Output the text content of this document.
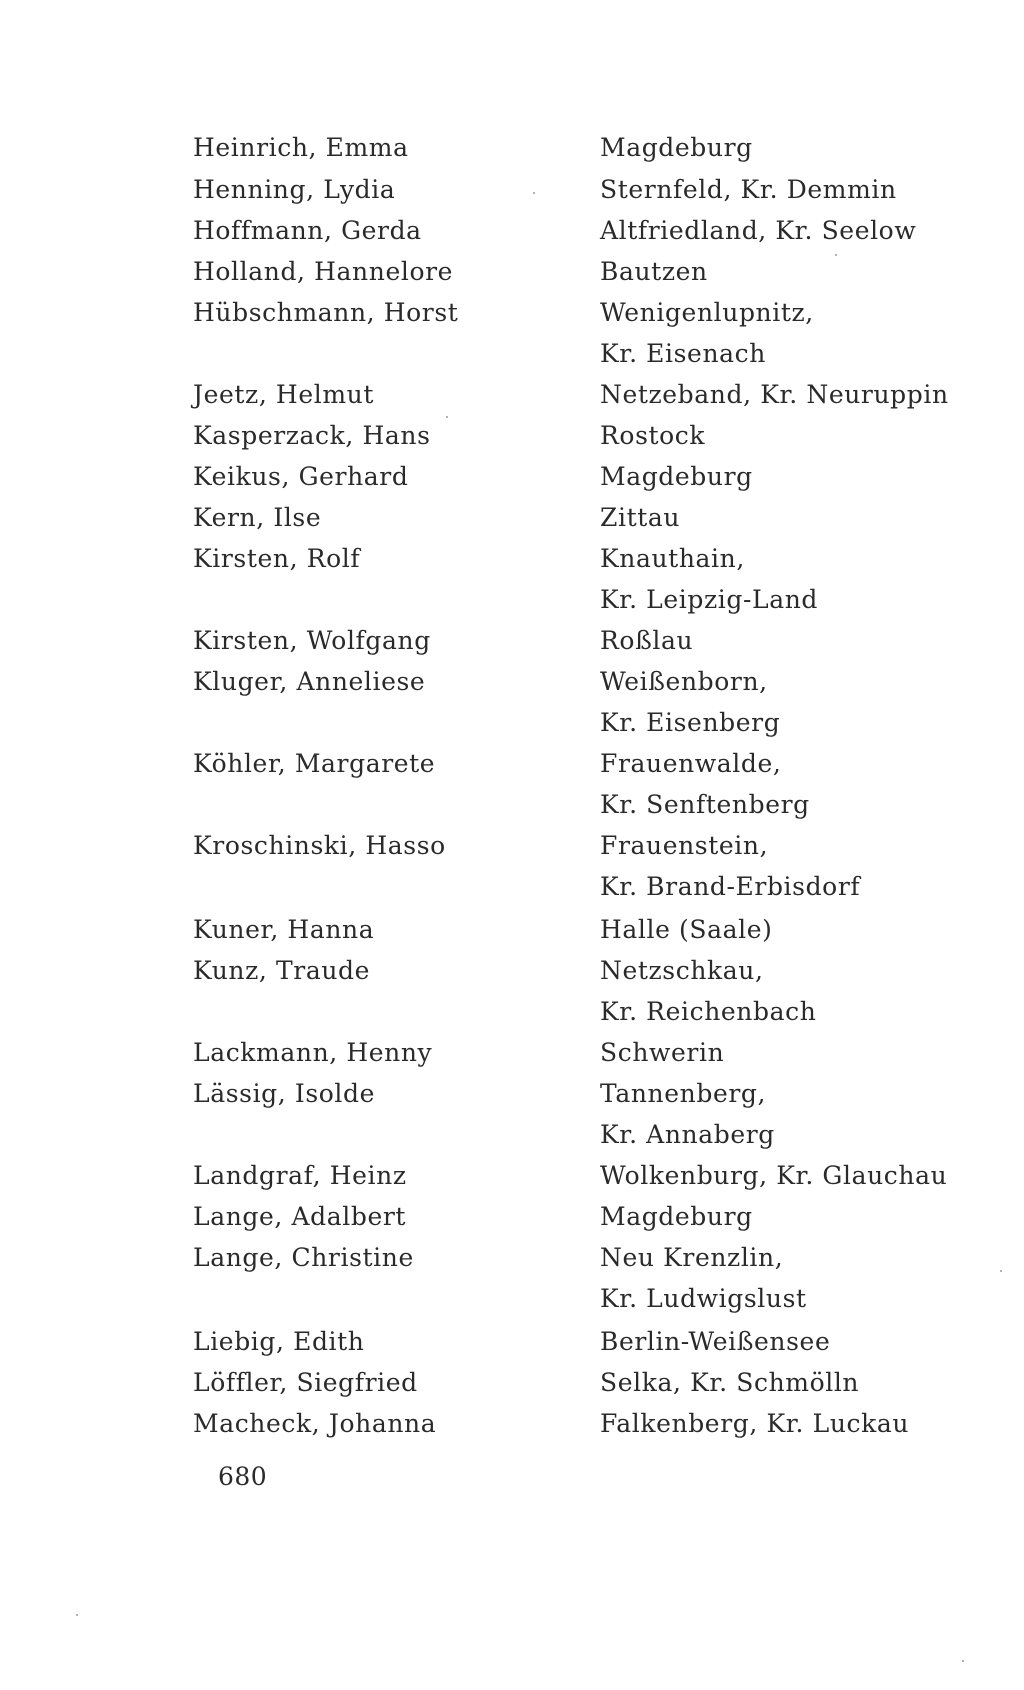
Heinrich, Emma	Magdeburg
Henning, Lydia	Sternfeld, Kr. Demmin
Hoffmann, Gerda	Altfriedland, Kr. Seelow
Holland, Hannelore	Bautzen
Hübschmann, Horst	Wenigenlupnitz,
Kr. Eisenach
Jeetz, Helmut	Netzeband, Kr. Neuruppin
Kasperzack, Hans	Rostock
Keikus, Gerhard	Magdeburg
Kern, Ilse	Zittau
Kirsten, Rolf	Knauthain,
Kr. Leipzig-Land
Kirsten, Wolfgang	Roßlau
Kluger, Anneliese	Weißenborn,
Kr. Eisenberg
Köhler, Margarete	Frauenwalde,
Kr. Senftenberg
Kroschinski, Hasso	Frauenstein,
Kr. Brand-Erbisdorf
Kuner, Hanna	Halle (Saale)
Kunz, Traude	Netzschkau,
Kr. Reichenbach
Lackmann, Henny	Schwerin
Lässig, Isolde	Tannenberg,
Kr. Annaberg
Landgraf, Heinz	Wolkenburg, Kr. Glauchau
Lange, Adalbert	Magdeburg
Lange, Christine	Neu Krenzlin,
Kr. Ludwigslust
Liebig, Edith	Berlin-Weißensee
Löffler, Siegfried	Selka, Kr. Schmölln
Macheck, Johanna	Falkenberg, Kr. Luckau
680
